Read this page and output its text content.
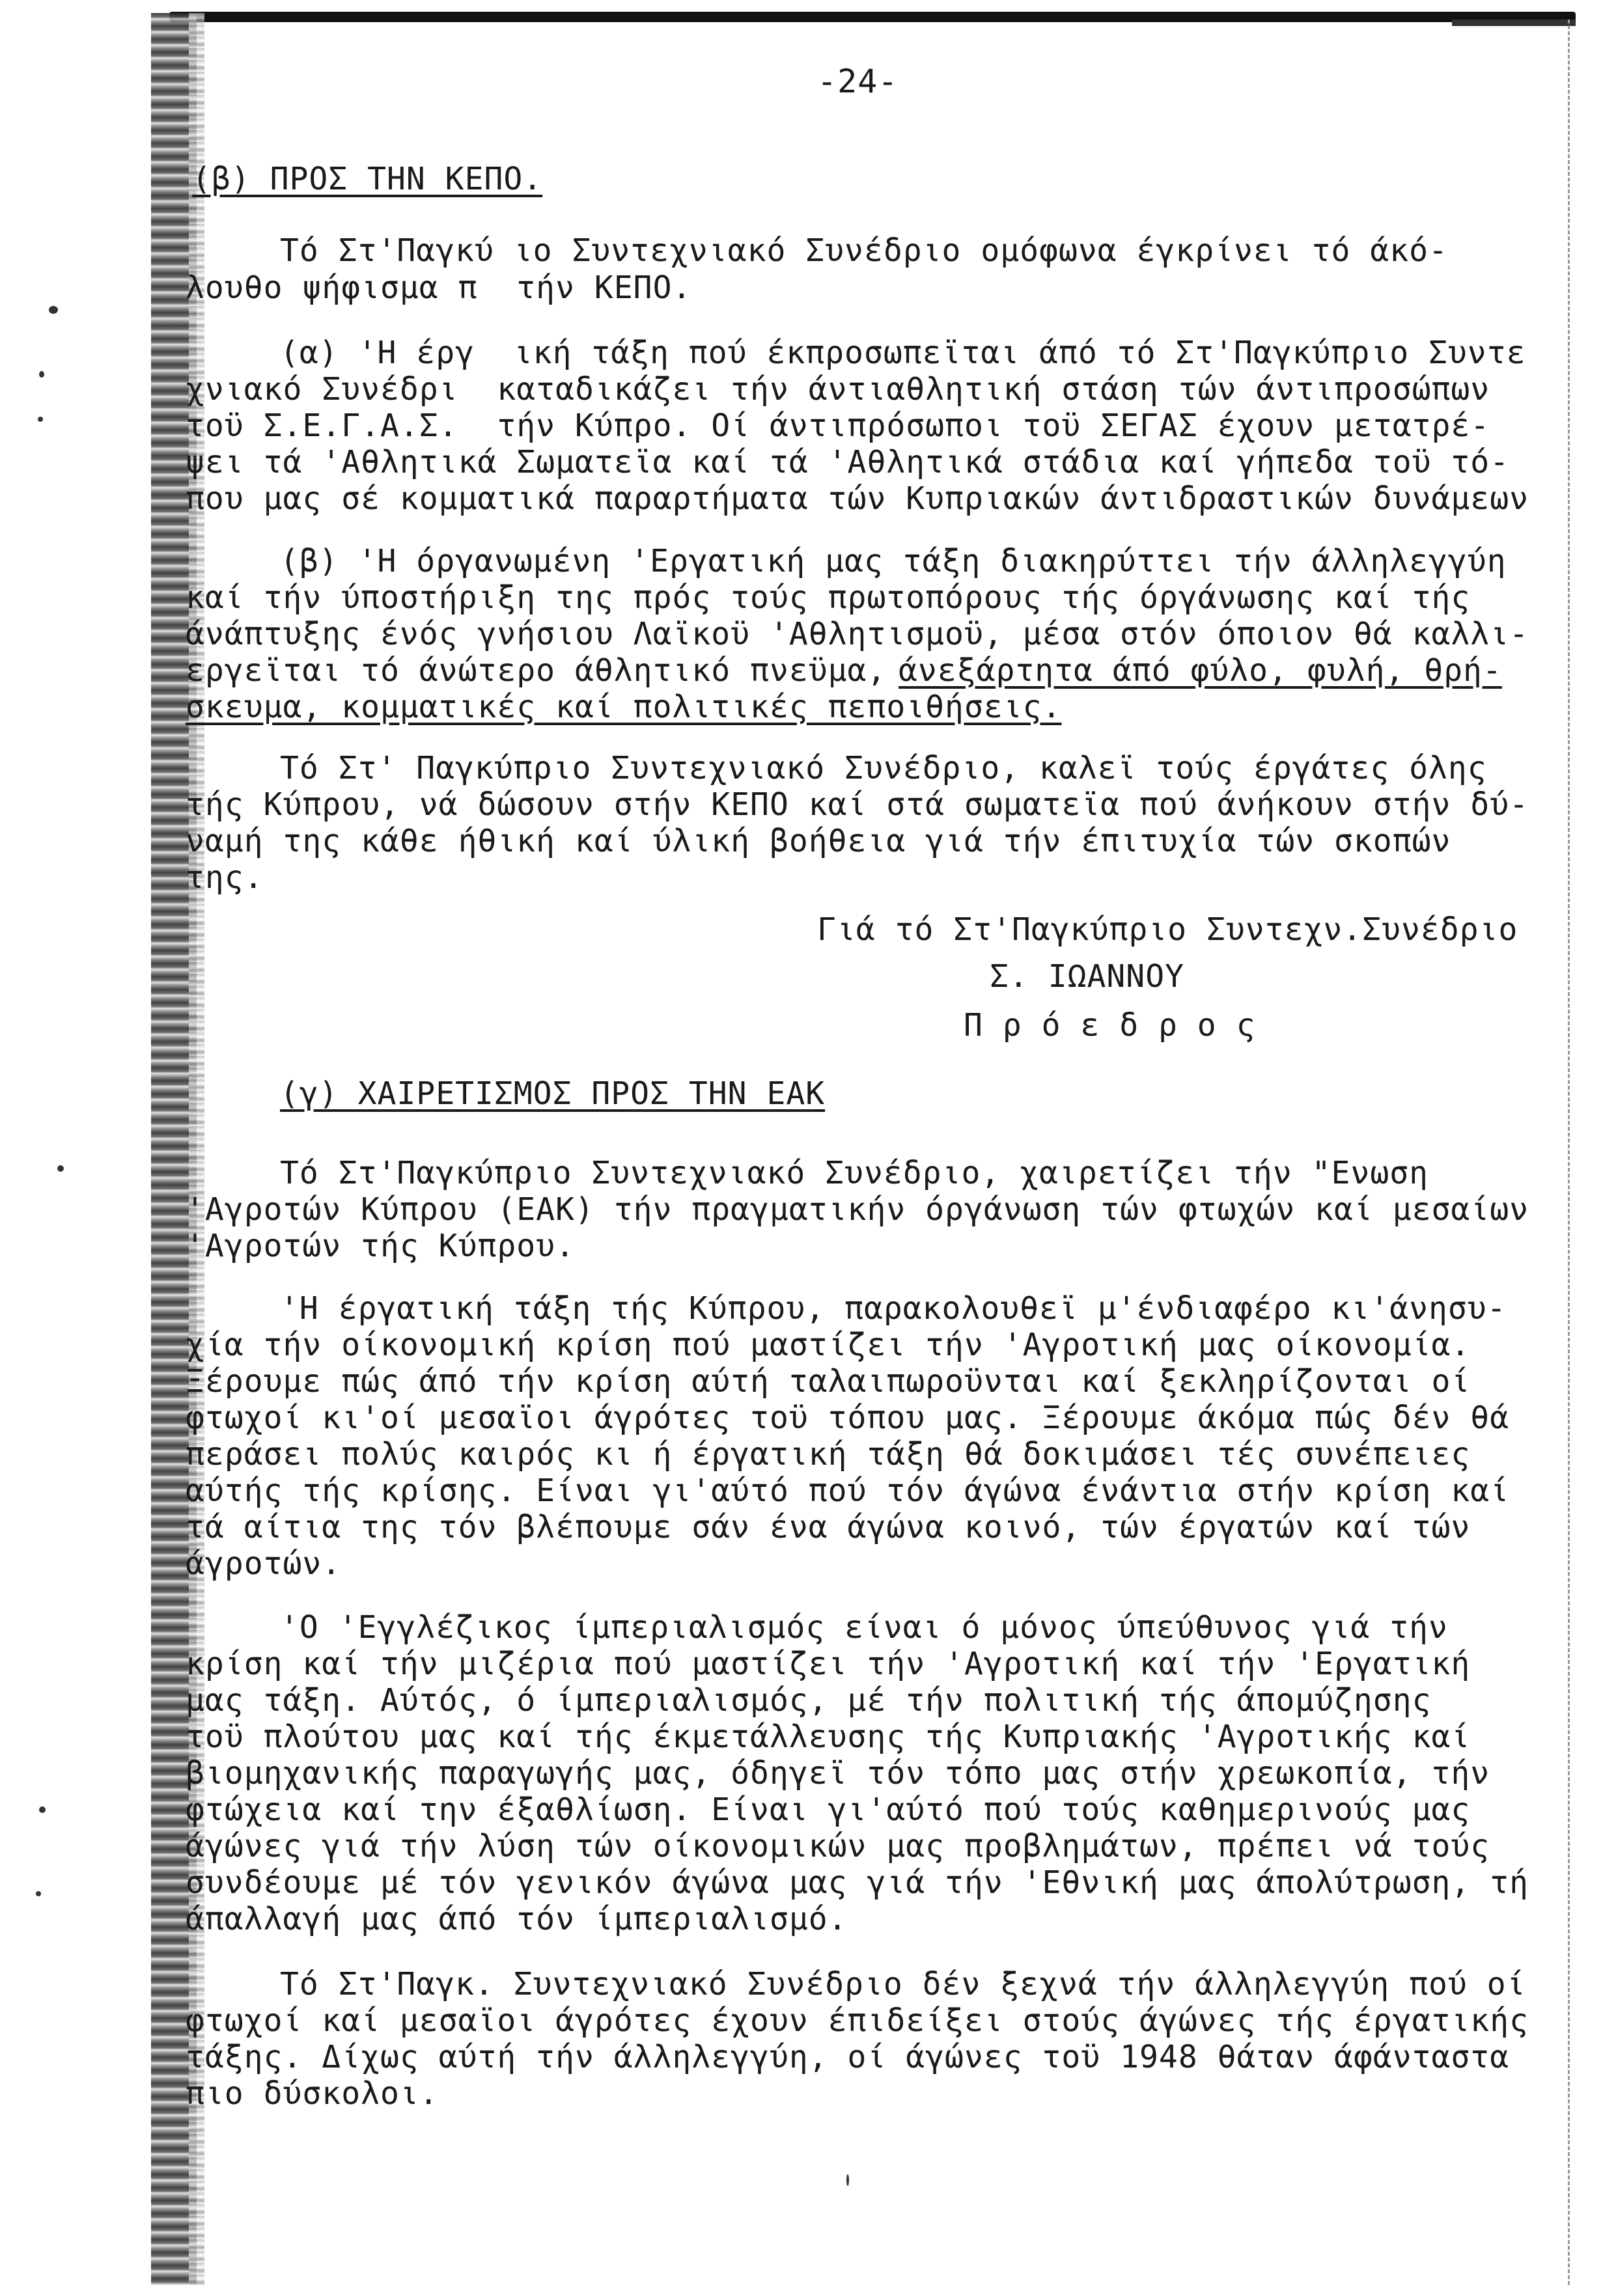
-24-
(β) ΠΡΟΣ ΤΗΝ ΚΕΠΟ.
Τό Στ'Παγκύ ιο Συντεχνιακό Συνέδριο ομόφωνα έγκρίνει τό άκό-
λουθο ψήφισμα π  τήν ΚΕΠΟ.
(α) 'Η έργ  ική τάξη πού έκπροσωπεϊται άπό τό Στ'Παγκύπριο Συντε
χνιακό Συνέδρι  καταδικάζει τήν άντιαθλητική στάση τών άντιπροσώπων
τοϋ Σ.Ε.Γ.Α.Σ.  τήν Κύπρο. Οί άντιπρόσωποι τοϋ ΣΕΓΑΣ έχουν μετατρέ-
ψει τά 'Αθλητικά Σωματεϊα καί τά 'Αθλητικά στάδια καί γήπεδα τοϋ τό-
που μας σέ κομματικά παραρτήματα τών Κυπριακών άντιδραστικών δυνάμεων
(β) 'Η όργανωμένη 'Εργατική μας τάξη διακηρύττει τήν άλληλεγγύη
καί τήν ύποστήριξη της πρός τούς πρωτοπόρους τής όργάνωσης καί τής
άνάπτυξης ένός γνήσιου Λαϊκοϋ 'Αθλητισμοϋ, μέσα στόν όποιον θά καλλι-
εργεϊται τό άνώτερο άθλητικό πνεϋμα,
άνεξάρτητα άπό φύλο, φυλή, θρή-
σκευμα, κομματικές καί πολιτικές πεποιθήσεις.
Τό Στ' Παγκύπριο Συντεχνιακό Συνέδριο, καλεϊ τούς έργάτες όλης
τής Κύπρου, νά δώσουν στήν ΚΕΠΟ καί στά σωματεϊα πού άνήκουν στήν δύ-
ναμή της κάθε ήθική καί ύλική βοήθεια γιά τήν έπιτυχία τών σκοπών
της.
Γιά τό Στ'Παγκύπριο Συντεχν.Συνέδριο
Σ. ΙΩΑΝΝΟΥ
Π ρ ό ε δ ρ ο ς
(γ) ΧΑΙΡΕΤΙΣΜΟΣ ΠΡΟΣ ΤΗΝ ΕΑΚ
Τό Στ'Παγκύπριο Συντεχνιακό Συνέδριο, χαιρετίζει τήν "Ενωση
'Αγροτών Κύπρου (ΕΑΚ) τήν πραγματικήν όργάνωση τών φτωχών καί μεσαίων
'Αγροτών τής Κύπρου.
'Η έργατική τάξη τής Κύπρου, παρακολουθεϊ μ'ένδιαφέρο κι'άνησυ-
χία τήν οίκονομική κρίση πού μαστίζει τήν 'Αγροτική μας οίκονομία.
Ξέρουμε πώς άπό τήν κρίση αύτή ταλαιπωροϋνται καί ξεκληρίζονται οί
φτωχοί κι'οί μεσαϊοι άγρότες τοϋ τόπου μας. Ξέρουμε άκόμα πώς δέν θά
περάσει πολύς καιρός κι ή έργατική τάξη θά δοκιμάσει τές συνέπειες
αύτής τής κρίσης. Είναι γι'αύτό πού τόν άγώνα ένάντια στήν κρίση καί
τά αίτια της τόν βλέπουμε σάν ένα άγώνα κοινό, τών έργατών καί τών
άγροτών.
'Ο 'Εγγλέζικος ίμπεριαλισμός είναι ό μόνος ύπεύθυνος γιά τήν
κρίση καί τήν μιζέρια πού μαστίζει τήν 'Αγροτική καί τήν 'Εργατική
μας τάξη. Αύτός, ό ίμπεριαλισμός, μέ τήν πολιτική τής άπομύζησης
τοϋ πλούτου μας καί τής έκμετάλλευσης τής Κυπριακής 'Αγροτικής καί
βιομηχανικής παραγωγής μας, όδηγεϊ τόν τόπο μας στήν χρεωκοπία, τήν
φτώχεια καί την έξαθλίωση. Είναι γι'αύτό πού τούς καθημερινούς μας
άγώνες γιά τήν λύση τών οίκονομικών μας προβλημάτων, πρέπει νά τούς
συνδέουμε μέ τόν γενικόν άγώνα μας γιά τήν 'Εθνική μας άπολύτρωση, τή
άπαλλαγή μας άπό τόν ίμπεριαλισμό.
Τό Στ'Παγκ. Συντεχνιακό Συνέδριο δέν ξεχνά τήν άλληλεγγύη πού οί
φτωχοί καί μεσαϊοι άγρότες έχουν έπιδείξει στούς άγώνες τής έργατικής
τάξης. Δίχως αύτή τήν άλληλεγγύη, οί άγώνες τοϋ 1948 θάταν άφάνταστα
πιο δύσκολοι.
